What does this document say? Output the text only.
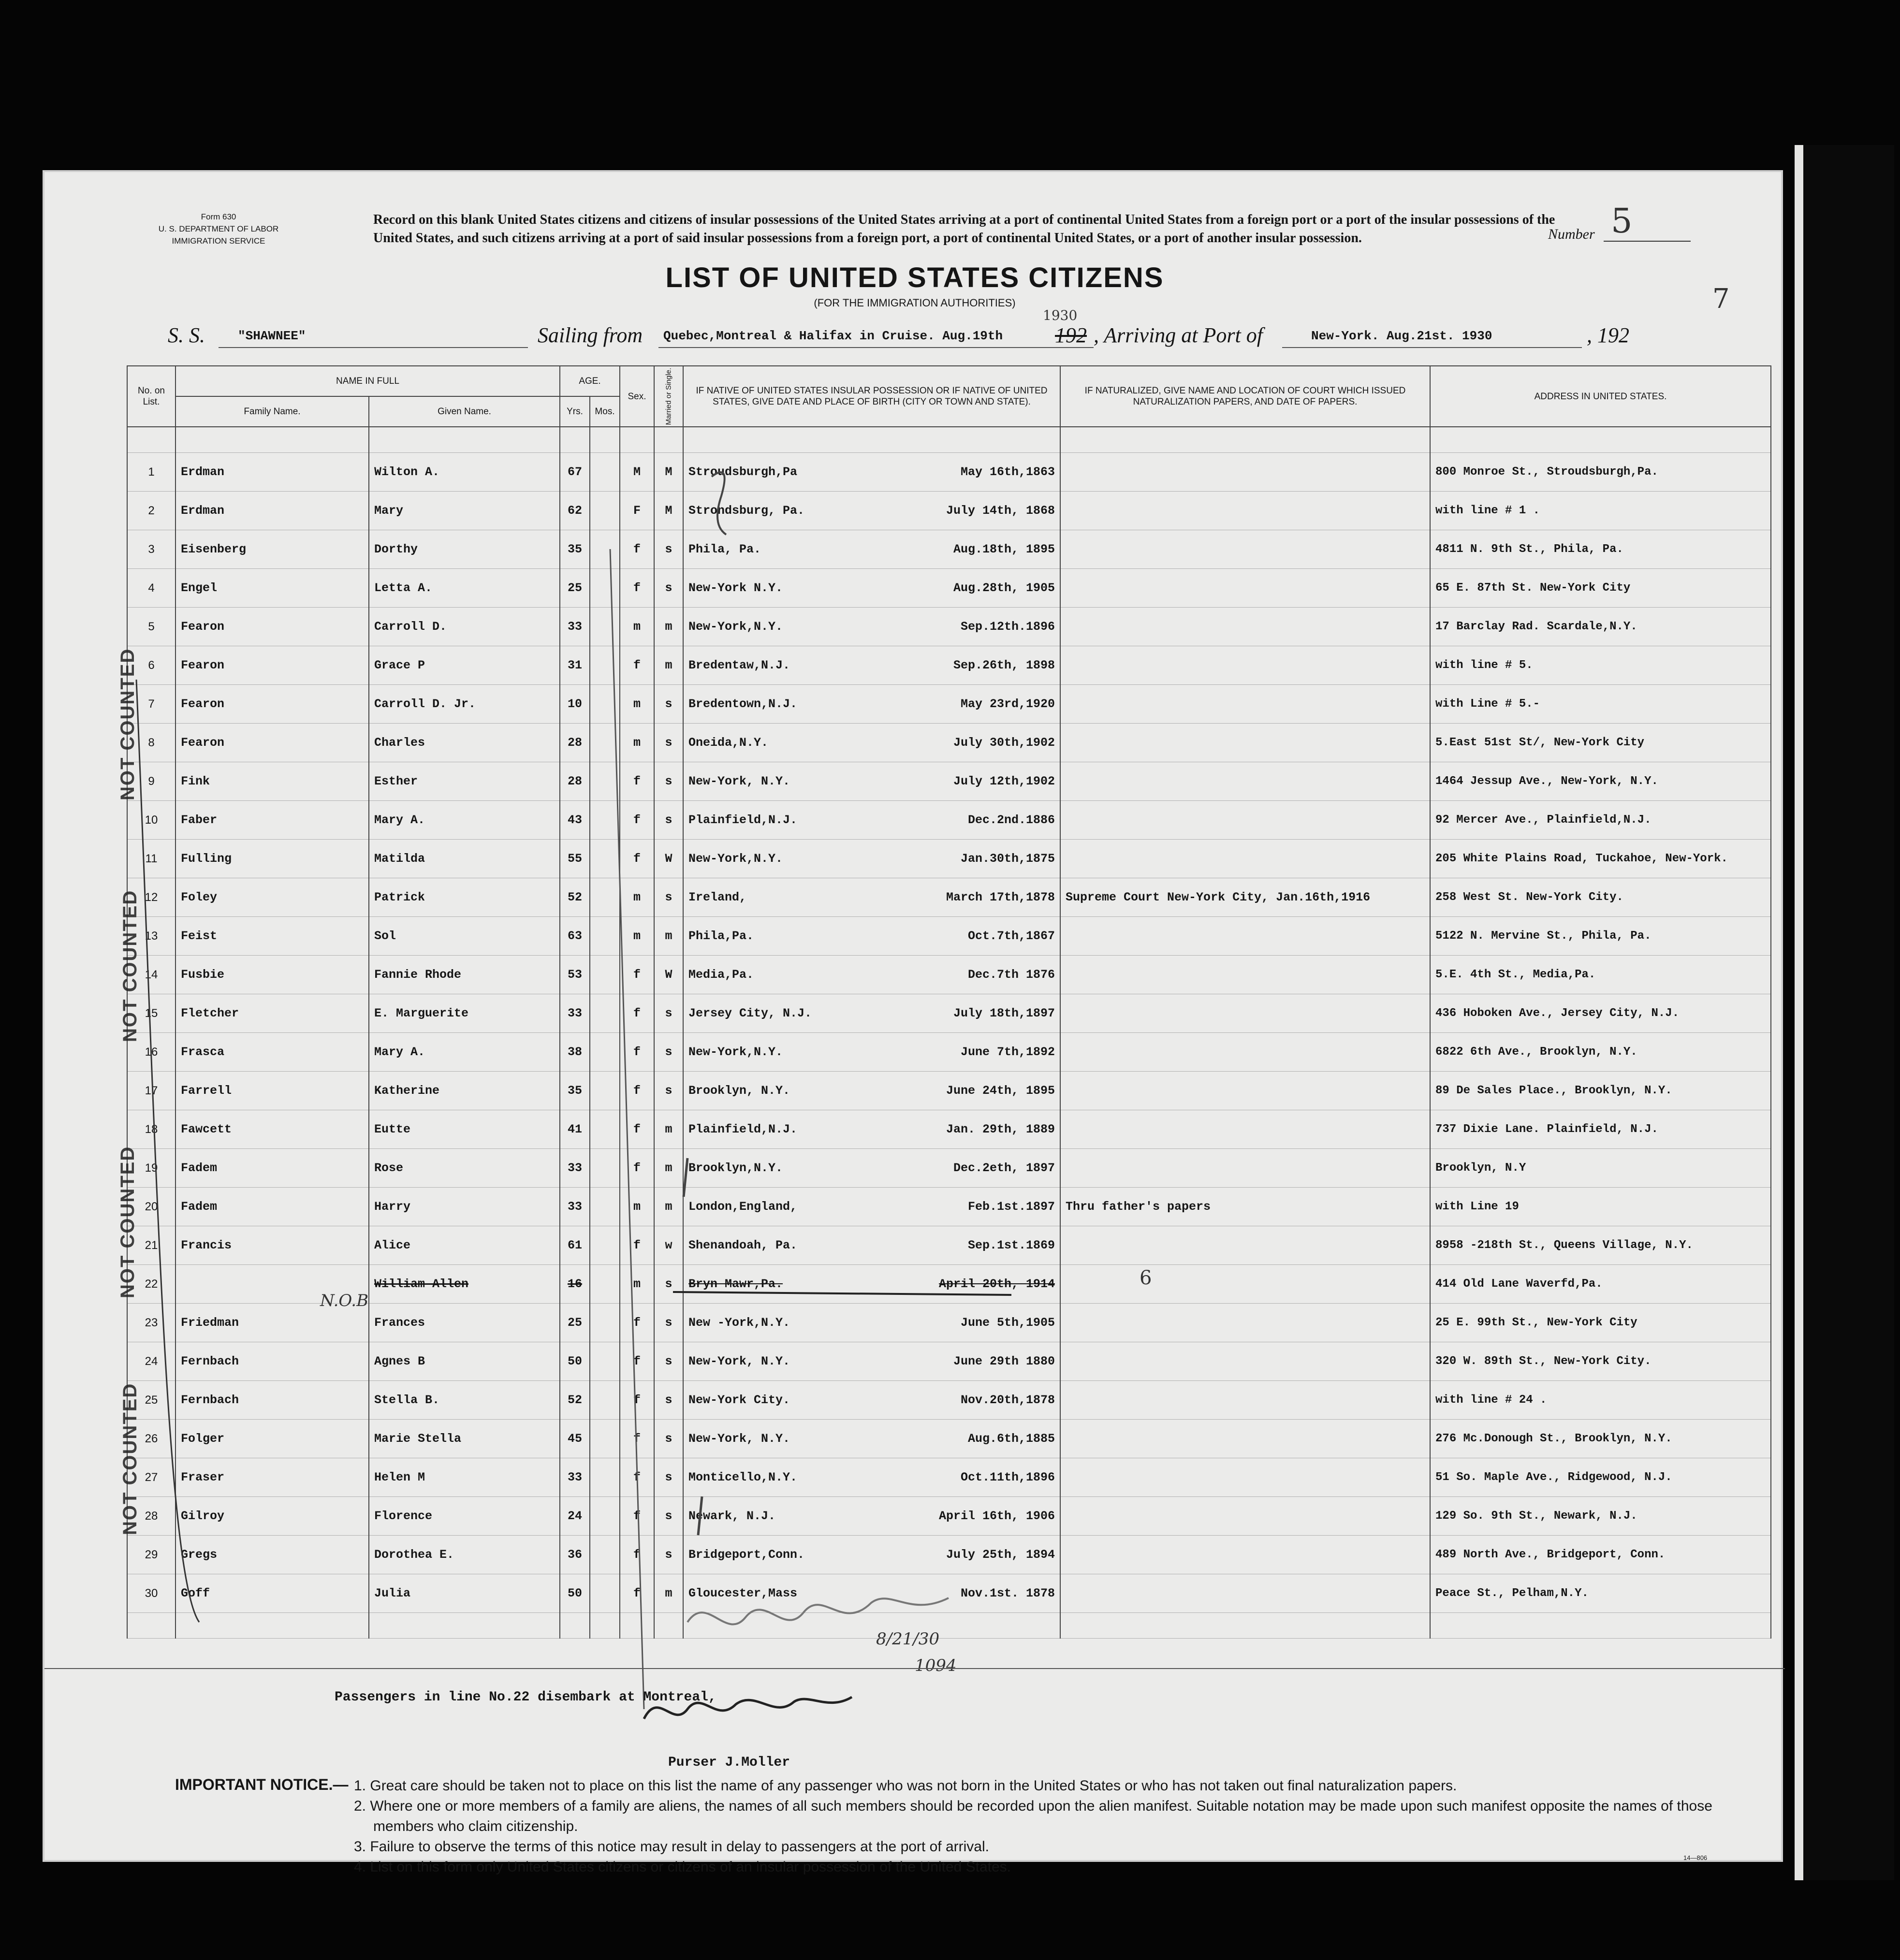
Form 630
U. S. DEPARTMENT OF LABOR
IMMIGRATION SERVICE
Record on this blank United States citizens and citizens of insular possessions of the United States arriving at a port of continental United States from a foreign port or a port of the insular possessions of the United States, and such citizens arriving at a port of said insular possessions from a foreign port, a port of continental United States, or a port of another insular possession.	Number 5
LIST OF UNITED STATES CITIZENS
(FOR THE IMMIGRATION AUTHORITIES)	7
S. S.	"SHAWNEE"	Sailing from Quebec,Montreal & Halifax in Cruise. Aug.19th
1930
192 , Arriving at Port of	New-York. Aug.21st. 1930	, 192
No. on List.	NAME IN FULL		AGE.		Sex.	Married or Single.	IF NATIVE OF UNITED STATES INSULAR POSSESSION OR IF NATIVE OF UNITED STATES, GIVE DATE AND PLACE OF BIRTH (CITY OR TOWN AND STATE).	IF NATURALIZED, GIVE NAME AND LOCATION OF COURT WHICH ISSUED NATURALIZATION PAPERS, AND DATE OF PAPERS.	ADDRESS IN UNITED STATES.
	Family Name.	Given Name.	Yrs.	Mos.					

1	Erdman	Wilton A.	67		M	M	Stroudsburgh,Pa May 16th,1863		800 Monroe St., Stroudsburgh,Pa.
2	Erdman	Mary	62		F	M	Strondsburg, Pa. July 14th, 1868		with line # 1 .
3	Eisenberg	Dorthy	35		f	s	Phila, Pa. Aug.18th, 1895		4811 N. 9th St., Phila, Pa.
4	Engel	Letta A.	25		f	s	New-York N.Y. Aug.28th, 1905		65 E. 87th St. New-York City
5	Fearon	Carroll D.	33		m	m	New-York,N.Y. Sep.12th.1896		17 Barclay Rad. Scardale,N.Y.
6	Fearon	Grace P	31		f	m	Bredentaw,N.J. Sep.26th, 1898		with line # 5.
7	Fearon	Carroll D. Jr.	10		m	s	Bredentown,N.J. May 23rd,1920		with Line # 5.-
8	Fearon	Charles	28		m	s	Oneida,N.Y. July 30th,1902		5.East 51st St/, New-York City
9	Fink	Esther	28		f	s	New-York, N.Y. July 12th,1902		1464 Jessup Ave., New-York, N.Y.
10	Faber	Mary A.	43		f	s	Plainfield,N.J. Dec.2nd.1886		92 Mercer Ave., Plainfield,N.J.
11	Fulling	Matilda	55		f	W	New-York,N.Y. Jan.30th,1875		205 White Plains Road, Tuckahoe, New-York.
12	Foley	Patrick	52		m	s	Ireland, March 17th,1878	Supreme Court New-York City, Jan.16th,1916	258 West St. New-York City.
13	Feist	Sol	63		m	m	Phila,Pa. Oct.7th,1867		5122 N. Mervine St., Phila, Pa.
14	Fusbie	Fannie Rhode	53		f	W	Media,Pa. Dec.7th 1876		5.E. 4th St., Media,Pa.
15	Fletcher	E. Marguerite	33		f	s	Jersey City, N.J. July 18th,1897		436 Hoboken Ave., Jersey City, N.J.
16	Frasca	Mary A.	38		f	s	New-York,N.Y. June 7th,1892		6822 6th Ave., Brooklyn, N.Y.
17	Farrell	Katherine	35		f	s	Brooklyn, N.Y. June 24th, 1895		89 De Sales Place., Brooklyn, N.Y.
18	Fawcett	Eutte	41		f	m	Plainfield,N.J. Jan. 29th, 1889		737 Dixie Lane. Plainfield, N.J.
19	Fadem	Rose	33		f	m	Brooklyn,N.Y. Dec.2eth, 1897		Brooklyn, N.Y
20	Fadem	Harry	33		m	m	London,England, Feb.1st.1897	Thru father's papers	with Line 19
21	Francis	Alice	61		f	w	Shenandoah, Pa. Sep.1st.1869		8958 -218th St., Queens Village, N.Y.
22		William Allen	16		m	s	Bryn Mawr,Pa. April 20th, 1914		414 Old Lane Waverfd,Pa.
23	Friedman	Frances	25		f	s	New -York,N.Y. June 5th,1905		25 E. 99th St., New-York City
24	Fernbach	Agnes B	50		f	s	New-York, N.Y. June 29th 1880		320 W. 89th St., New-York City.
25	Fernbach	Stella B.	52		f	s	New-York City. Nov.20th,1878		with line # 24 .
26	Folger	Marie Stella	45		f	s	New-York, N.Y. Aug.6th,1885		276 Mc.Donough St., Brooklyn, N.Y.
27	Fraser	Helen M	33		f	s	Monticello,N.Y. Oct.11th,1896		51 So. Maple Ave., Ridgewood, N.J.
28	Gilroy	Florence	24		f	s	Newark, N.J. April 16th, 1906		129 So. 9th St., Newark, N.J.
29	Gregs	Dorothea E.	36		f	s	Bridgeport,Conn. July 25th, 1894		489 North Ave., Bridgeport, Conn.
30	Goff	Julia	50		f	m	Gloucester,Mass Nov.1st. 1878		Peace St., Pelham,N.Y.

NOT COUNTED
NOT COUNTED
NOT COUNTED
NOT COUNTED
N.O.B
6
8/21/30
1094
Passengers in line No.22 disembark at Montreal,
Purser J.Moller
IMPORTANT NOTICE.— 1. Great care should be taken not to place on this list the name of any passenger who was not born in the United States or who has not taken out final naturalization papers.
2. Where one or more members of a family are aliens, the names of all such members should be recorded upon the alien manifest. Suitable notation may be made upon such manifest opposite the names of those members who claim citizenship.
3. Failure to observe the terms of this notice may result in delay to passengers at the port of arrival.
4. List on this form only United States citizens or citizens of an insular possession of the United States.
14—806
